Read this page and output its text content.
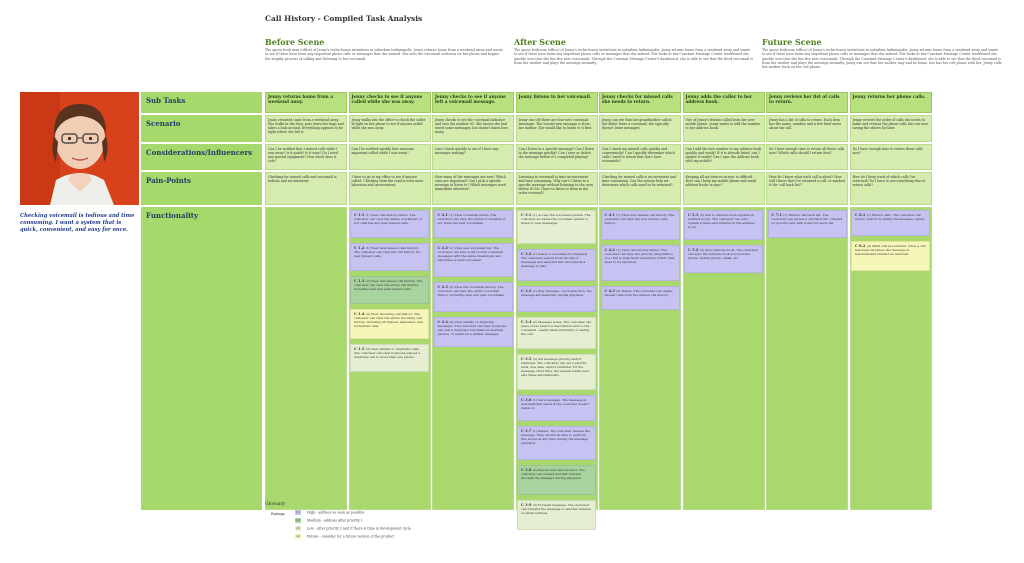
Call History - Compiled Task Analysis
Before Scene
The quote book man (office) of Jenny's techn-house inventions in suburban Indianapolis. Jenny returns home from a weekend away and wants to see if there have been any important phone calls or messages that she missed. She sees the voicemail indicator on her phone and begins the lengthy process of calling and listening to her voicemail.
After Scene
The quote bedroom (office) of Jenny's techn-house inventions in suburban Indianapolis. Jenny returns home from a weekend away and wants to see if there have been any important phone calls or messages that she missed. She looks at her Constant Message Center Dashboard she quickly sees that she has five new voicemails. Through the Constant Message Center's dashboard, she is able to see that the third voicemail is from her mother and plays the message instantly.
Future Scene
The quote bedroom (office) of Jenny's techn-house inventions in suburban Indianapolis. Jenny returns home from a weekend away and wants to see if there have been any important phone calls or messages that she missed. She looks at her Constant Message Center Dashboard she quickly sees that she has five new voicemails. Through the Constant Message Center's dashboard, she is able to see that the third voicemail is from her mother and plays the message instantly. Jenny can see that her mother may and be home, but has her cell phone with her. Jenny calls her mother back on her cell phone.
Checking voicemail is tedious and time consuming. I want a system that is quick, convenient, and easy for once.
Sub Tasks
Scenario
Considerations/Influencers
Pain-Points
Functionality
Jenny returns home from a weekend away.
Jenny returned came from a weekend away. She walks in the door, puts down her bags and takes a look around. Everything appears to be right where she left it.
Can I be notified that I missed calls while I was away? Is it quick? Is it easy? Do I need any special equipment? How much does it cost?
Checking for missed calls and voicemail is tedious and inconvenient.
Jenny checks to see if anyone called while she was away.
Jenny walks into the office to check the caller id light on her phone to see if anyone called while she was away.
Can I be notified quickly that someone important called while I was away?
I have to go to my office to see if anyone called. Checking from the road is even more laborious and inconvenient.
Jenny checks to see if anyone left a voicemail message.
Jenny checks to see the voicemail indicator and sees the number 05. She knows she had saved some messages, but doesn't know how many.
Can I check quickly to see if I have any messages waiting?
How many of the messages are new? Which ones are important? Can I pick a specific message to listen to? Which messages need immediate attention?
Jenny listens to her voicemail.
Jenny can tell there are four new voicemail messages. The second new message is from her mother. She would like to listen to it first.
Can I listen to a specific message? Can I listen to the message quickly? Can I save or delete the message before it's completed playing?
Listening to voicemail is time inconvenient and time consuming. Why can't I listen to a specific message without listening to the ones before it? Do I have to listen to them in the order received?
Jenny checks for missed calls she needs to return.
Jenny can see that her grandmother called, but didn't leave a voicemail; she typically doesn't leave messages.
Can I check my missed calls quickly and conveniently? Can I quickly determine which calls I need to return that don't have voicemails?
Checking for missed calls is inconvenient and time consuming. Can the system help me determine which calls need to be returned?
Jenny adds the caller to her address book.
One of Jenny's friends called from her new mobile phone. Jenny wants to add the number to her address book.
Can I add the new number to my address book quickly and easily? If it is already listed, can I update it easily? Can I sync the address book with my mobile?
Keeping all my devices in sync is difficult. How can I keep my mobile phone and email address books in sync?
Jenny reviews her list of calls to return.
Jenny has a list of calls to return. Each item has the name, number, and a few brief notes about the call.
Do I have enough time to return all these calls now? Which calls should I return first?
How do I know what each call is about? How will I know that I've returned a call, or marked it the 'call back list'?
Jenny returns her phone calls.
Jenny reviews the order of calls she needs to make and returns the phone calls she can now, saving the others for later.
Do I have enough time to return these calls now?
How do I keep track of which calls I've returned? Do I have to use something else to return calls?
C 1.1 (1) View call history status. The customer can view the status of whether or not calls has any new missed calls.
C 1.2 (1) View new missed calls history. The customer can view the call history for new missed calls.
C 1.3 (2) View full missed call history. The customer can view the entire call history, including new and past missed calls.
C 1.4 (3) View incoming call history. The customer can view the entire incoming call history, including all missed, answered, and forwarded calls.
C 1.5 (3) View similar or duplicate calls. The customer can view if anyone placed a duplicate call to more than one phone.
C 2.1 (1) View voicemail status. The customer can view the status of whether or not there are new voicemails.
C 2.2 (1) View new voicemail list. The customer can view a list of new voicemail messages with the same breakdown and date/time of each voicemail.
C 2.3 (2) View full voicemail history. The customer can view the entire voicemail history, including new and past voicemails.
C 2.4 (3) View similar or duplicate messages. The customer can view if anyone who left a duplicate voicemail on multiple phones, or email for a similar message.
C 3.1 (1) Access the voicemail system. The customer accesses the voicemail system to listen to new messages.
C 3.2 (1) Select a voicemail for playback. The customer selects from the list of messages and selected info and selects a message to play.
C 3.3 (1) Play message. Upon selection, the message automatically begins playback.
C 3.4 (2) Message notes. The customer can place notes and/or a description next to the voicemail - useful when returning or saving the call.
C 3.5 (3) Set message priority and/or reminder. The customer can set a priority level, due date, and/or reminder for the message. Over time, the system learns and sets these automatically.
C 3.6 (1) Save message. The message is automatically saved if the customer doesn't delete it.
C 3.7 (1) Delete. The customer deletes the message. They should be able to perform this action at any time during the message playback.
C 3.8 (2) Rewind and fast-forward. The customer can rewind and fast forward through the message during playback.
C 3.9 (3) Forward message. The customer can forward the message to another number or email address.
C 4.1 (1) View new missed call history. The customer can view the new missed calls history.
C 4.2 (1) View call priority status. The customer can view the priority (importance of a call) to help them determine which calls need to be returned.
C 4.3 (2) Delete. The customer can delete missed calls from the missed call history.
C 5.1 (2) Add to address book (update in address book). The customer can add / update a name and number in the address book.
C 5.2 (3) Sync address book. The customer can sync the address book across home phone, mobile phone, email, etc.
C 7.1 (1) Review call back list. The customer can review a call back list, ordered by priority, and with notes for each call.
C 8.1 (1) Return calls. The customer can return calls from within the message center.
C 8.2 (4) Mark call as returned. Once a call has been returned, the message is automatically marked as returned.
Glossary
Ratings	(1) High - address as soon as possible
(2) Medium - address after priority 1
(3) Low - after priority 2 and if there is time in development cycle
(4) Future - consider for a future version of the product
